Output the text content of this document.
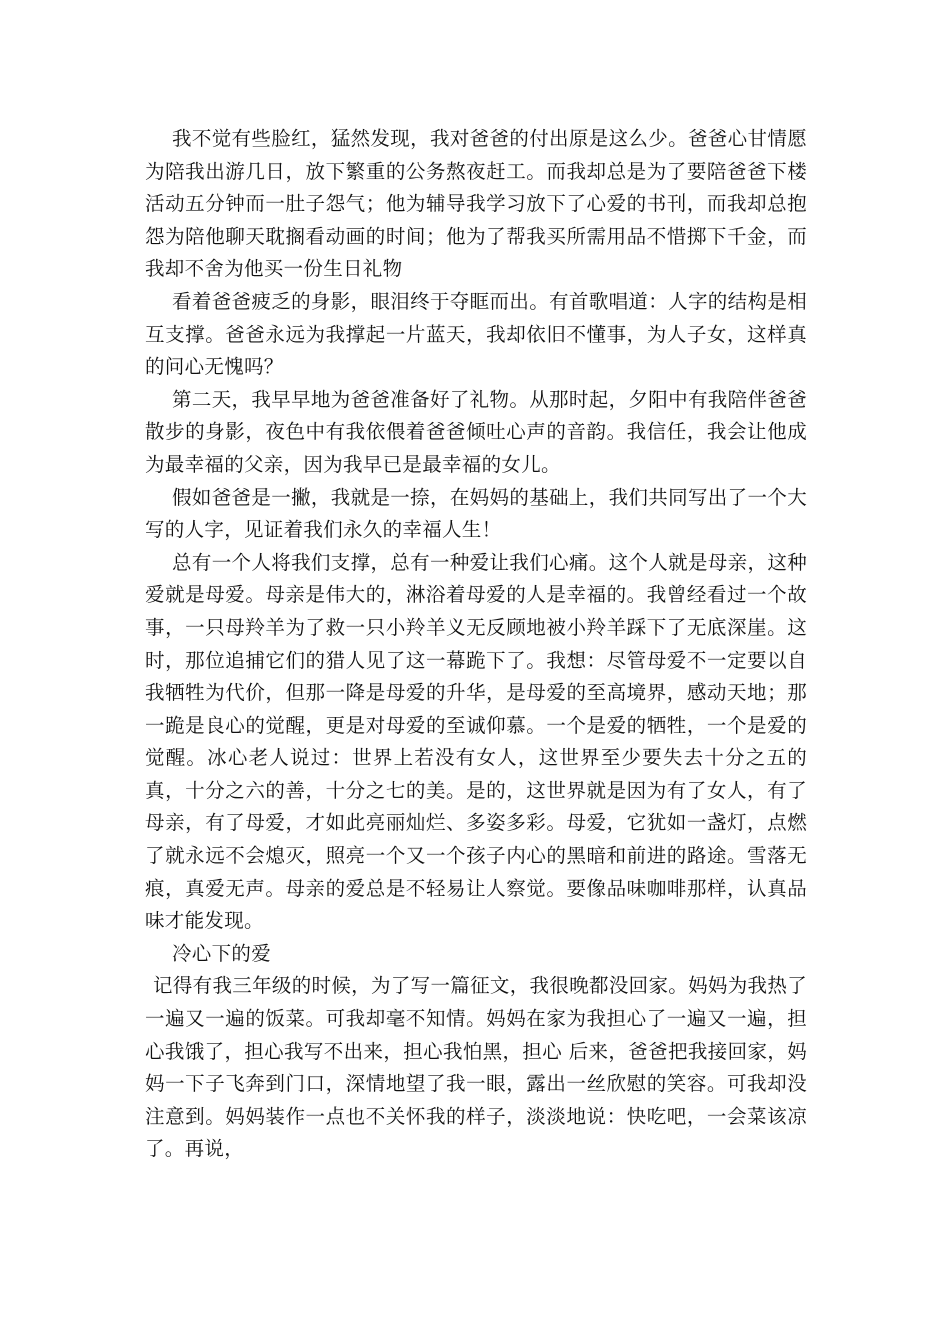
我不觉有些脸红，猛然发现，我对爸爸的付出原是这么少。爸爸心甘情愿为陪我出游几日，放下繁重的公务熬夜赶工。而我却总是为了要陪爸爸下楼活动五分钟而一肚子怨气；他为辅导我学习放下了心爱的书刊，而我却总抱怨为陪他聊天耽搁看动画的时间；他为了帮我买所需用品不惜掷下千金，而我却不舍为他买一份生日礼物

看着爸爸疲乏的身影，眼泪终于夺眶而出。有首歌唱道：人字的结构是相互支撑。爸爸永远为我撑起一片蓝天，我却依旧不懂事，为人子女，这样真的问心无愧吗？

第二天，我早早地为爸爸准备好了礼物。从那时起，夕阳中有我陪伴爸爸散步的身影，夜色中有我依偎着爸爸倾吐心声的音韵。我信任，我会让他成为最幸福的父亲，因为我早已是最幸福的女儿。

假如爸爸是一撇，我就是一捺，在妈妈的基础上，我们共同写出了一个大写的人字，见证着我们永久的幸福人生！

总有一个人将我们支撑，总有一种爱让我们心痛。这个人就是母亲，这种爱就是母爱。母亲是伟大的，淋浴着母爱的人是幸福的。我曾经看过一个故事，一只母羚羊为了救一只小羚羊义无反顾地被小羚羊踩下了无底深崖。这时，那位追捕它们的猎人见了这一幕跪下了。我想：尽管母爱不一定要以自我牺牲为代价，但那一降是母爱的升华，是母爱的至高境界，感动天地；那一跪是良心的觉醒，更是对母爱的至诚仰慕。一个是爱的牺牲，一个是爱的觉醒。冰心老人说过：世界上若没有女人，这世界至少要失去十分之五的真，十分之六的善，十分之七的美。是的，这世界就是因为有了女人，有了母亲，有了母爱，才如此亮丽灿烂、多姿多彩。母爱，它犹如一盏灯，点燃了就永远不会熄灭，照亮一个又一个孩子内心的黑暗和前进的路途。雪落无痕，真爱无声。母亲的爱总是不轻易让人察觉。要像品味咖啡那样，认真品味才能发现。

冷心下的爱

记得有我三年级的时候，为了写一篇征文，我很晚都没回家。妈妈为我热了一遍又一遍的饭菜。可我却毫不知情。妈妈在家为我担心了一遍又一遍，担心我饿了，担心我写不出来，担心我怕黑，担心 后来，爸爸把我接回家，妈妈一下子飞奔到门口，深情地望了我一眼，露出一丝欣慰的笑容。可我却没注意到。妈妈装作一点也不关怀我的样子，淡淡地说：快吃吧，一会菜该凉了。再说，
